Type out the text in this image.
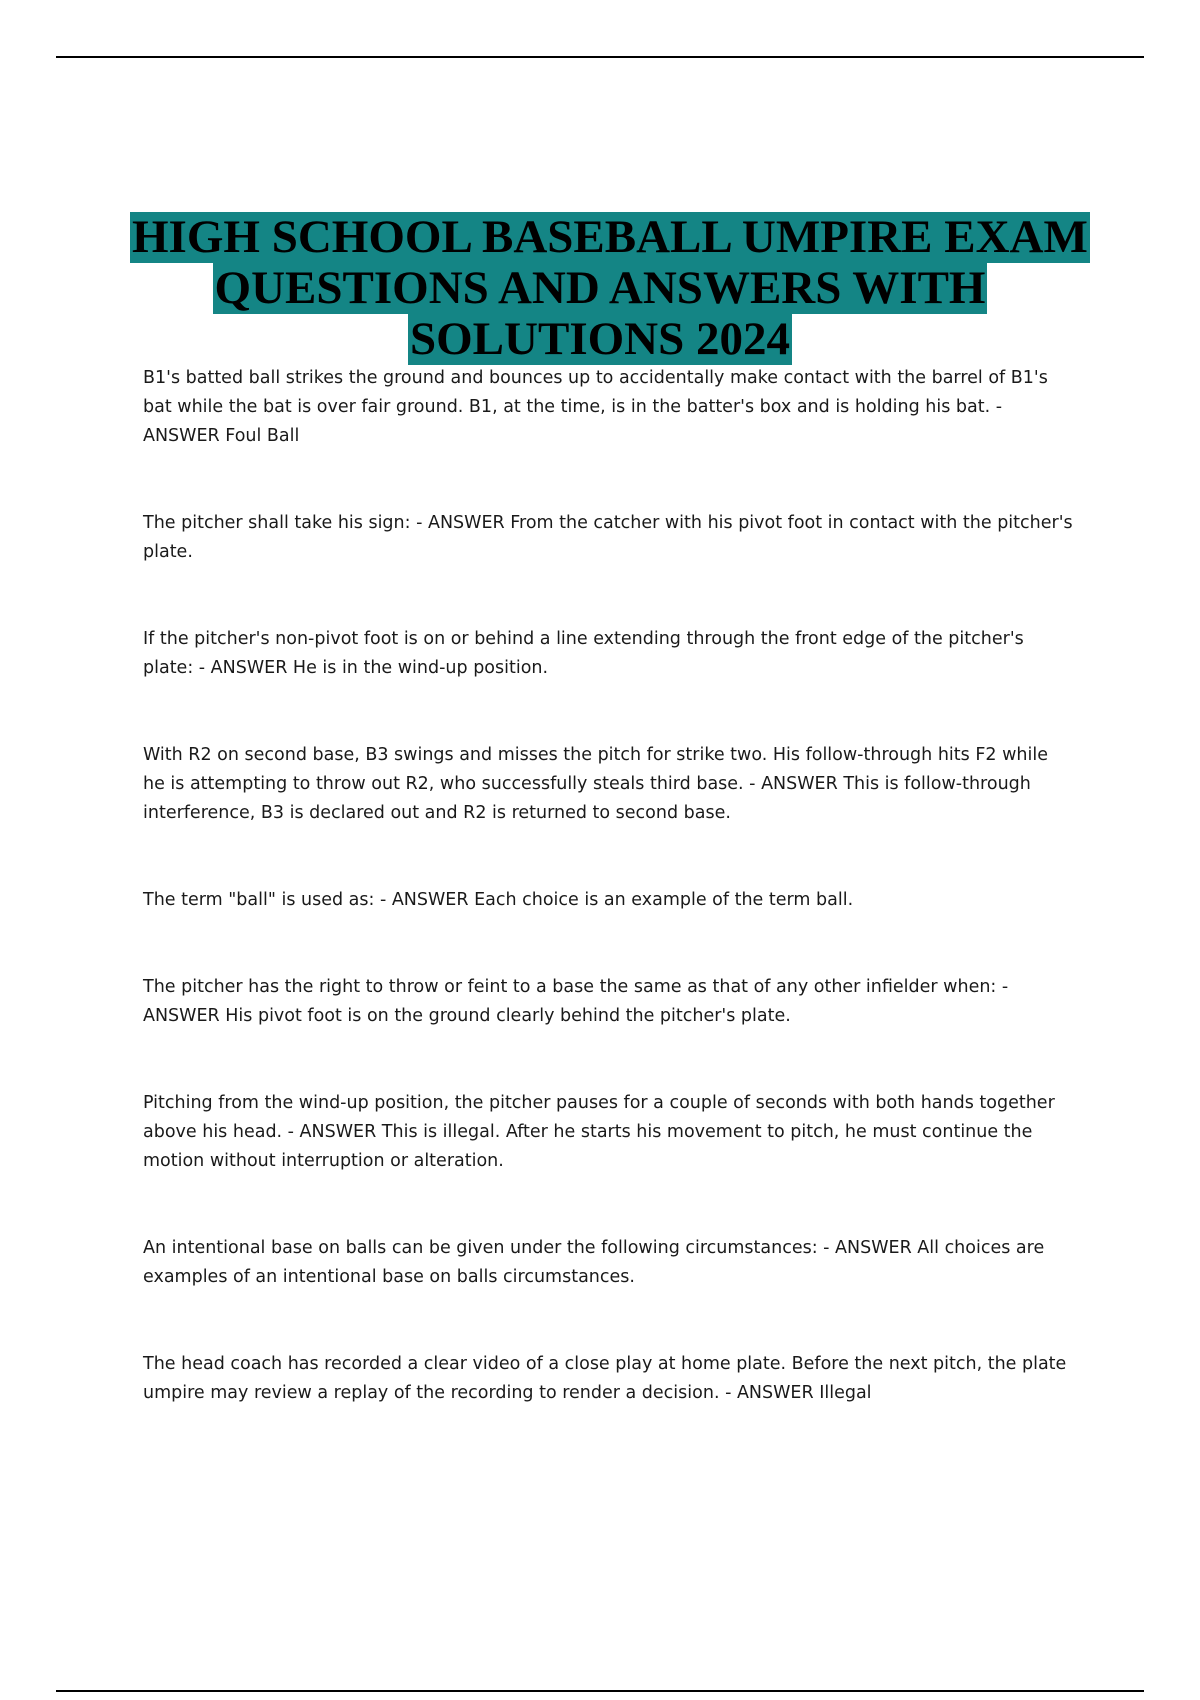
HIGH SCHOOL BASEBALL UMPIRE EXAM
QUESTIONS AND ANSWERS WITH
SOLUTIONS 2024

B1's batted ball strikes the ground and bounces up to accidentally make contact with the barrel of B1's bat while the bat is over fair ground. B1, at the time, is in the batter's box and is holding his bat. - ANSWER Foul Ball

The pitcher shall take his sign: - ANSWER From the catcher with his pivot foot in contact with the pitcher's plate.

If the pitcher's non-pivot foot is on or behind a line extending through the front edge of the pitcher's plate: - ANSWER He is in the wind-up position.

With R2 on second base, B3 swings and misses the pitch for strike two. His follow-through hits F2 while he is attempting to throw out R2, who successfully steals third base. - ANSWER This is follow-through interference, B3 is declared out and R2 is returned to second base.

The term "ball" is used as: - ANSWER Each choice is an example of the term ball.

The pitcher has the right to throw or feint to a base the same as that of any other infielder when: - ANSWER His pivot foot is on the ground clearly behind the pitcher's plate.

Pitching from the wind-up position, the pitcher pauses for a couple of seconds with both hands together above his head. - ANSWER This is illegal. After he starts his movement to pitch, he must continue the motion without interruption or alteration.

An intentional base on balls can be given under the following circumstances: - ANSWER All choices are examples of an intentional base on balls circumstances.

The head coach has recorded a clear video of a close play at home plate. Before the next pitch, the plate umpire may review a replay of the recording to render a decision. - ANSWER Illegal
